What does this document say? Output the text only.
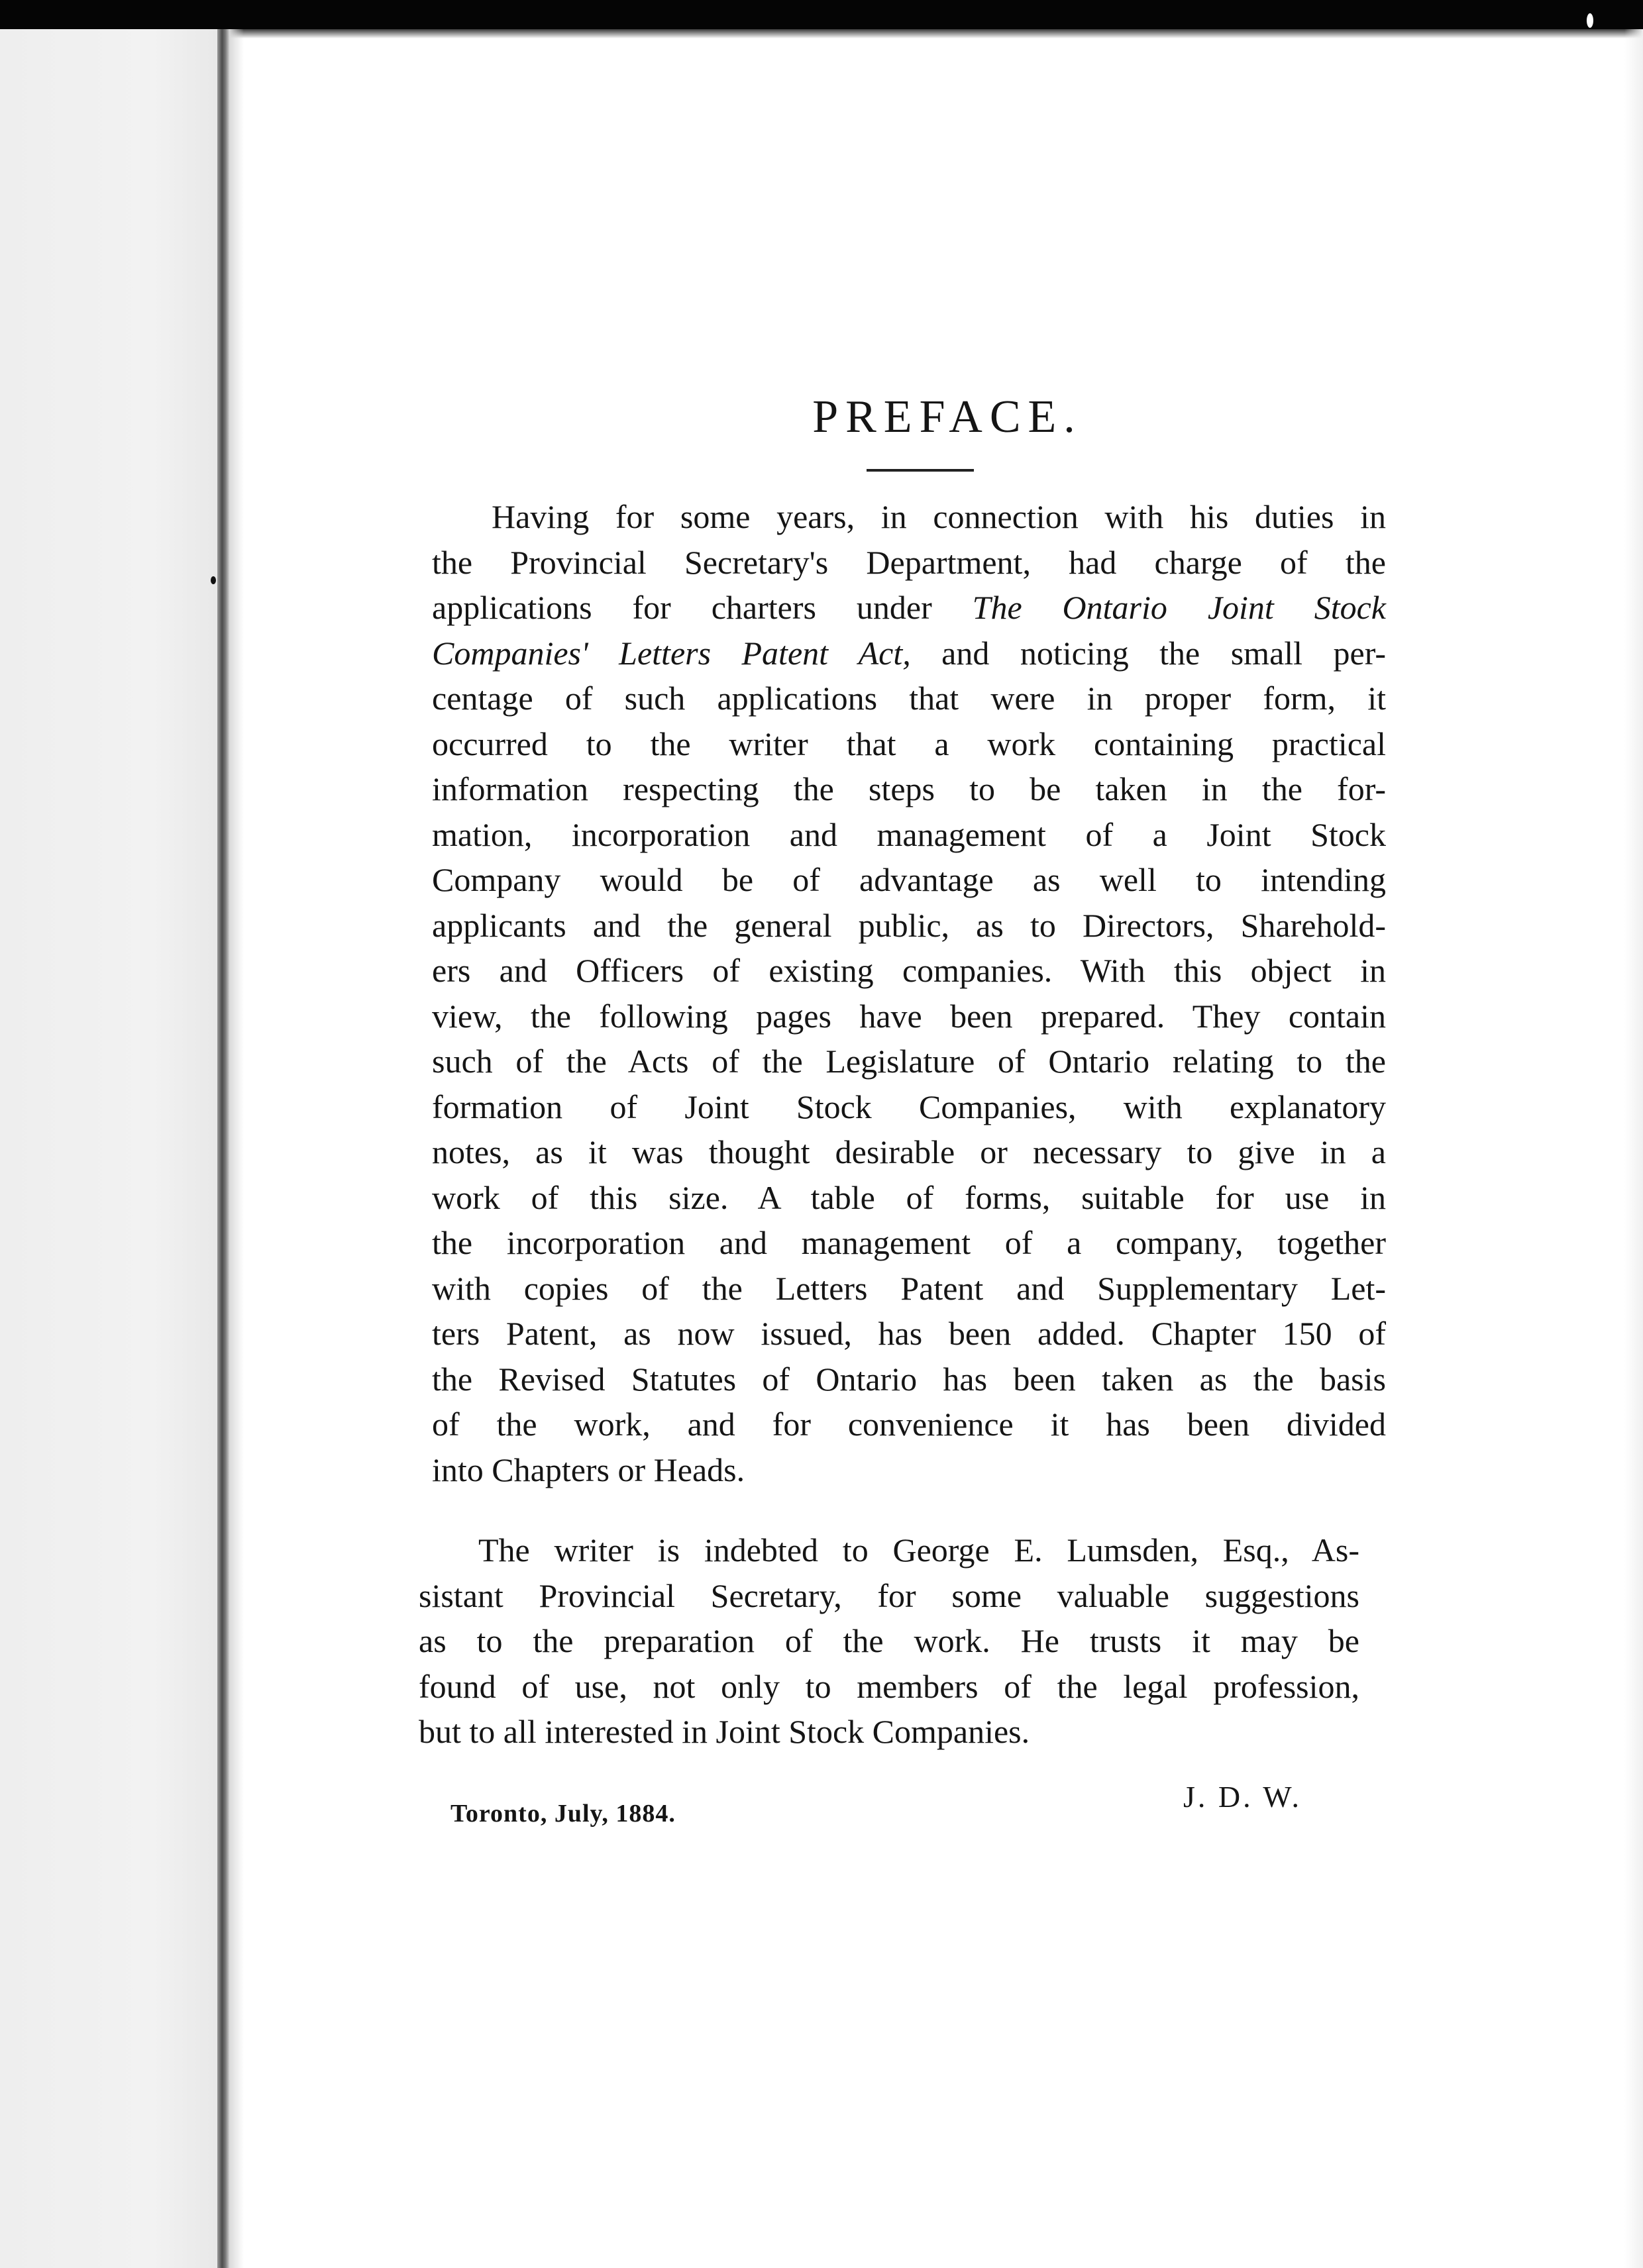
PREFACE.
Having for some years, in connection with his duties in
the Provincial Secretary's Department, had charge of the
applications for charters under The Ontario Joint Stock
Companies' Letters Patent Act, and noticing the small per-
centage of such applications that were in proper form, it
occurred to the writer that a work containing practical
information respecting the steps to be taken in the for-
mation, incorporation and management of a Joint Stock
Company would be of advantage as well to intending
applicants and the general public, as to Directors, Sharehold-
ers and Officers of existing companies. With this object in
view, the following pages have been prepared. They contain
such of the Acts of the Legislature of Ontario relating to the
formation of Joint Stock Companies, with explanatory
notes, as it was thought desirable or necessary to give in a
work of this size. A table of forms, suitable for use in
the incorporation and management of a company, together
with copies of the Letters Patent and Supplementary Let-
ters Patent, as now issued, has been added. Chapter 150 of
the Revised Statutes of Ontario has been taken as the basis
of the work, and for convenience it has been divided
into Chapters or Heads.
The writer is indebted to George E. Lumsden, Esq., As-
sistant Provincial Secretary, for some valuable suggestions
as to the preparation of the work. He trusts it may be
found of use, not only to members of the legal profession,
but to all interested in Joint Stock Companies.

J. D. W.

Toronto, July, 1884.
